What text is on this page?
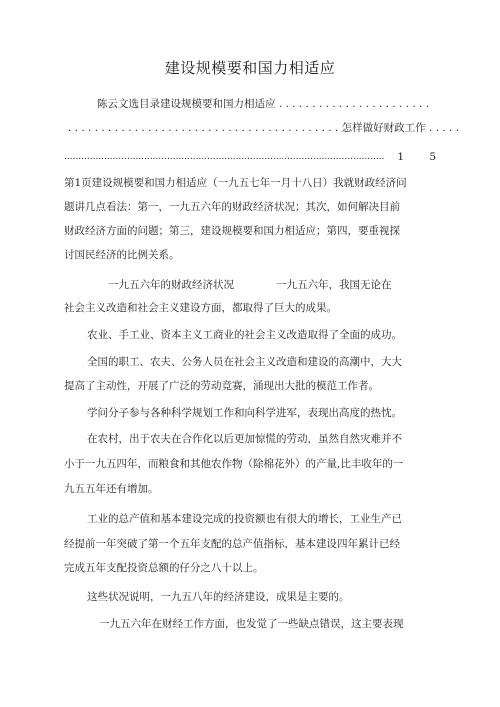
建设规模要和国力相适应
陈云文选目录建设规模要和国力相适应 . . . . . . . . . . . . . . . . . . . . . . .
. . . . . . . . . . . . . . . . . . . . . . . . . . . . . . . . . . . . . . . . . 怎样做好财政工作 . . . . .
................................................................................................................ 1 5
第1页建设规模要和国力相适应（一九五七年一月十八日）我就财政经济问
题讲几点看法：第一，一九五六年的财政经济状况；其次，如何解决目前
财政经济方面的问题；第三，建设规模要和国力相适应；第四，要重视探
讨国民经济的比例关系。
一九五六年的财政经济状况　　　　一九五六年，我国无论在
社会主义改造和社会主义建设方面，都取得了巨大的成果。
农业、手工业、资本主义工商业的社会主义改造取得了全面的成功。
全国的职工、农夫、公务人员在社会主义改造和建设的高潮中，大大
提高了主动性，开展了广泛的劳动竞赛，涌现出大批的模范工作者。
学问分子参与各种科学规划工作和向科学进军，表现出高度的热忱。
在农村，出于农夫在合作化以后更加惊慌的劳动，虽然自然灾难并不
小于一九五四年，而粮食和其他农作物（除棉花外）的产量,比丰收年的一
九五五年还有增加。
工业的总产值和基本建设完成的投资额也有很大的增长，工业生产已
经提前一年突破了第一个五年支配的总产值指标，基本建设四年累计已经
完成五年支配投资总额的仔分之八十以上。
这些状况说明，一九五八年的经济建设，成果是主要的。
一九五六年在财经工作方面，也发觉了一些缺点错误，这主要表现
